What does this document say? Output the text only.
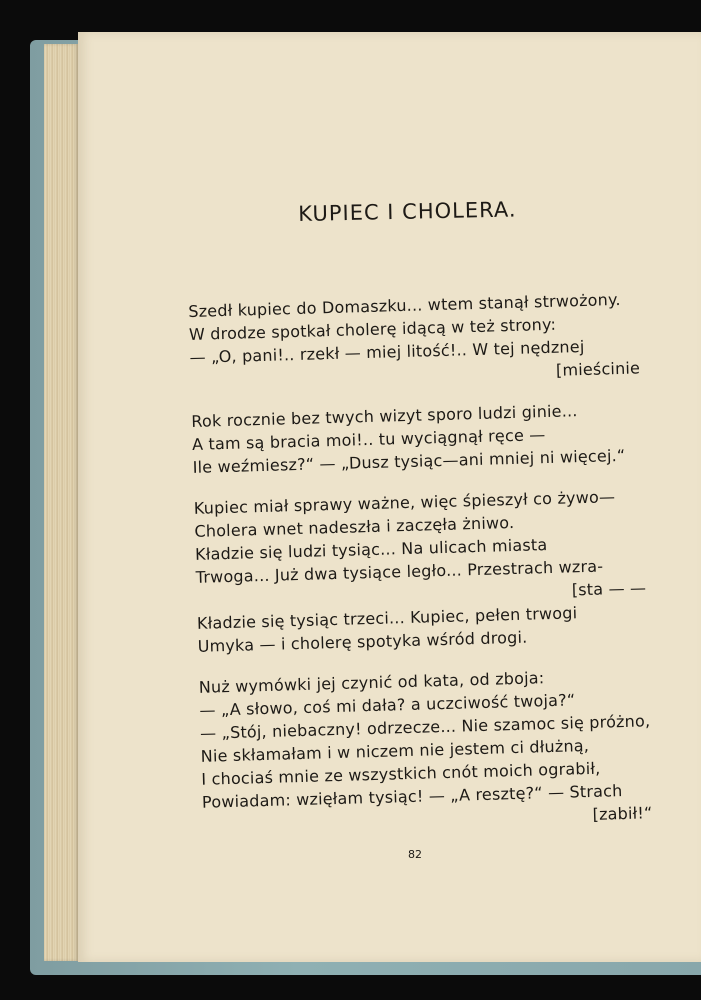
KUPIEC I CHOLERA.
Szedł kupiec do Domaszku... wtem stanął strwożony.
W drodze spotkał cholerę idącą w też strony:
— „O, pani!.. rzekł — miej litość!.. W tej nędznej
[mieścinie
Rok rocznie bez twych wizyt sporo ludzi ginie...
A tam są bracia moi!.. tu wyciągnął ręce —
Ile weźmiesz?“ — „Dusz tysiąc—ani mniej ni więcej.“
Kupiec miał sprawy ważne, więc śpieszył co żywo—
Cholera wnet nadeszła i zaczęła żniwo.
Kładzie się ludzi tysiąc... Na ulicach miasta
Trwoga... Już dwa tysiące legło... Przestrach wzra-
[sta — —
Kładzie się tysiąc trzeci... Kupiec, pełen trwogi
Umyka — i cholerę spotyka wśród drogi.
Nuż wymówki jej czynić od kata, od zboja:
— „A słowo, coś mi dała? a uczciwość twoja?“
— „Stój, niebaczny! odrzecze... Nie szamoc się próżno,
Nie skłamałam i w niczem nie jestem ci dłużną,
I chociaś mnie ze wszystkich cnót moich ograbił,
Powiadam: wzięłam tysiąc! — „A resztę?“ — Strach
[zabił!“
82
